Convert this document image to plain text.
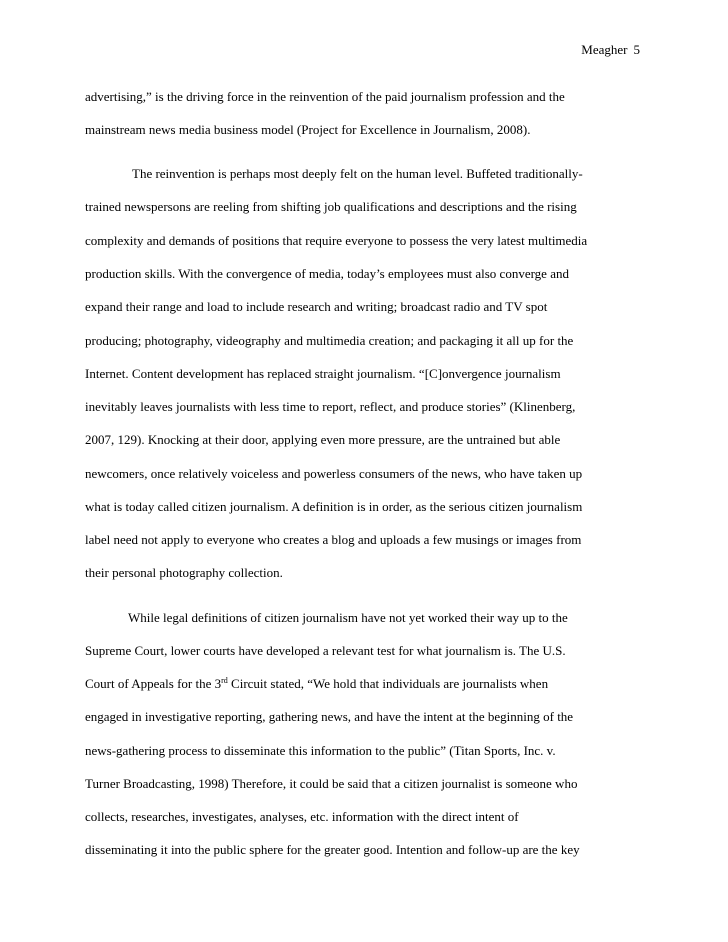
Meagher 5
advertising,” is the driving force in the reinvention of the paid journalism profession and the
mainstream news media business model (Project for Excellence in Journalism, 2008).
The reinvention is perhaps most deeply felt on the human level. Buffeted traditionally-
trained newspersons are reeling from shifting job qualifications and descriptions and the rising
complexity and demands of positions that require everyone to possess the very latest multimedia
production skills. With the convergence of media, today’s employees must also converge and
expand their range and load to include research and writing; broadcast radio and TV spot
producing; photography, videography and multimedia creation; and packaging it all up for the
Internet. Content development has replaced straight journalism. “[C]onvergence journalism
inevitably leaves journalists with less time to report, reflect, and produce stories” (Klinenberg,
2007, 129). Knocking at their door, applying even more pressure, are the untrained but able
newcomers, once relatively voiceless and powerless consumers of the news, who have taken up
what is today called citizen journalism. A definition is in order, as the serious citizen journalism
label need not apply to everyone who creates a blog and uploads a few musings or images from
their personal photography collection.
While legal definitions of citizen journalism have not yet worked their way up to the
Supreme Court, lower courts have developed a relevant test for what journalism is. The U.S.
Court of Appeals for the 3rd Circuit stated, “We hold that individuals are journalists when
engaged in investigative reporting, gathering news, and have the intent at the beginning of the
news-gathering process to disseminate this information to the public” (Titan Sports, Inc. v.
Turner Broadcasting, 1998) Therefore, it could be said that a citizen journalist is someone who
collects, researches, investigates, analyses, etc. information with the direct intent of
disseminating it into the public sphere for the greater good. Intention and follow-up are the key
